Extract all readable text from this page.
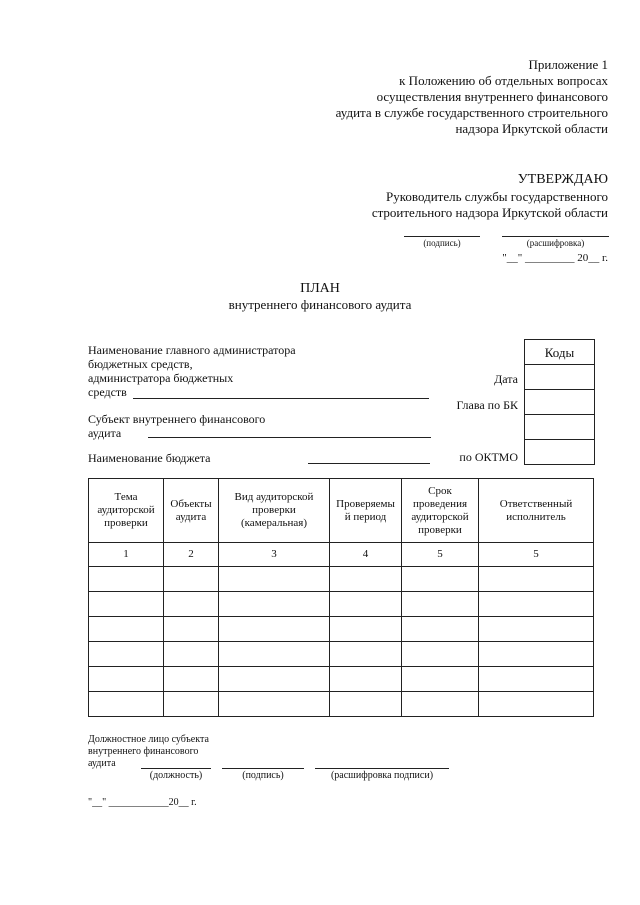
Приложение 1
к Положению об отдельных вопросах
осуществления внутреннего финансового
аудита в службе государственного строительного
надзора Иркутской области
УТВЕРЖДАЮ
Руководитель службы государственного
строительного надзора Иркутской области
(подпись)	(расшифровка)
"__" _________ 20__ г.
ПЛАН
внутреннего финансового аудита
Наименование главного администратора
бюджетных средств,
администратора бюджетных
средств
Субъект внутреннего финансового
аудита
Наименование бюджета
Дата
Глава по БК
по ОКТМО
Коды
Тема аудиторской проверки	Объекты аудита	Вид аудиторской проверки (камеральная)	Проверяемы й период	Срок проведения аудиторской проверки	Ответственный исполнитель
1	2	3	4	5	5

Должностное лицо субъекта
внутреннего финансового
аудита
(должность)	(подпись)	(расшифровка подписи)
"__" ____________20__ г.
